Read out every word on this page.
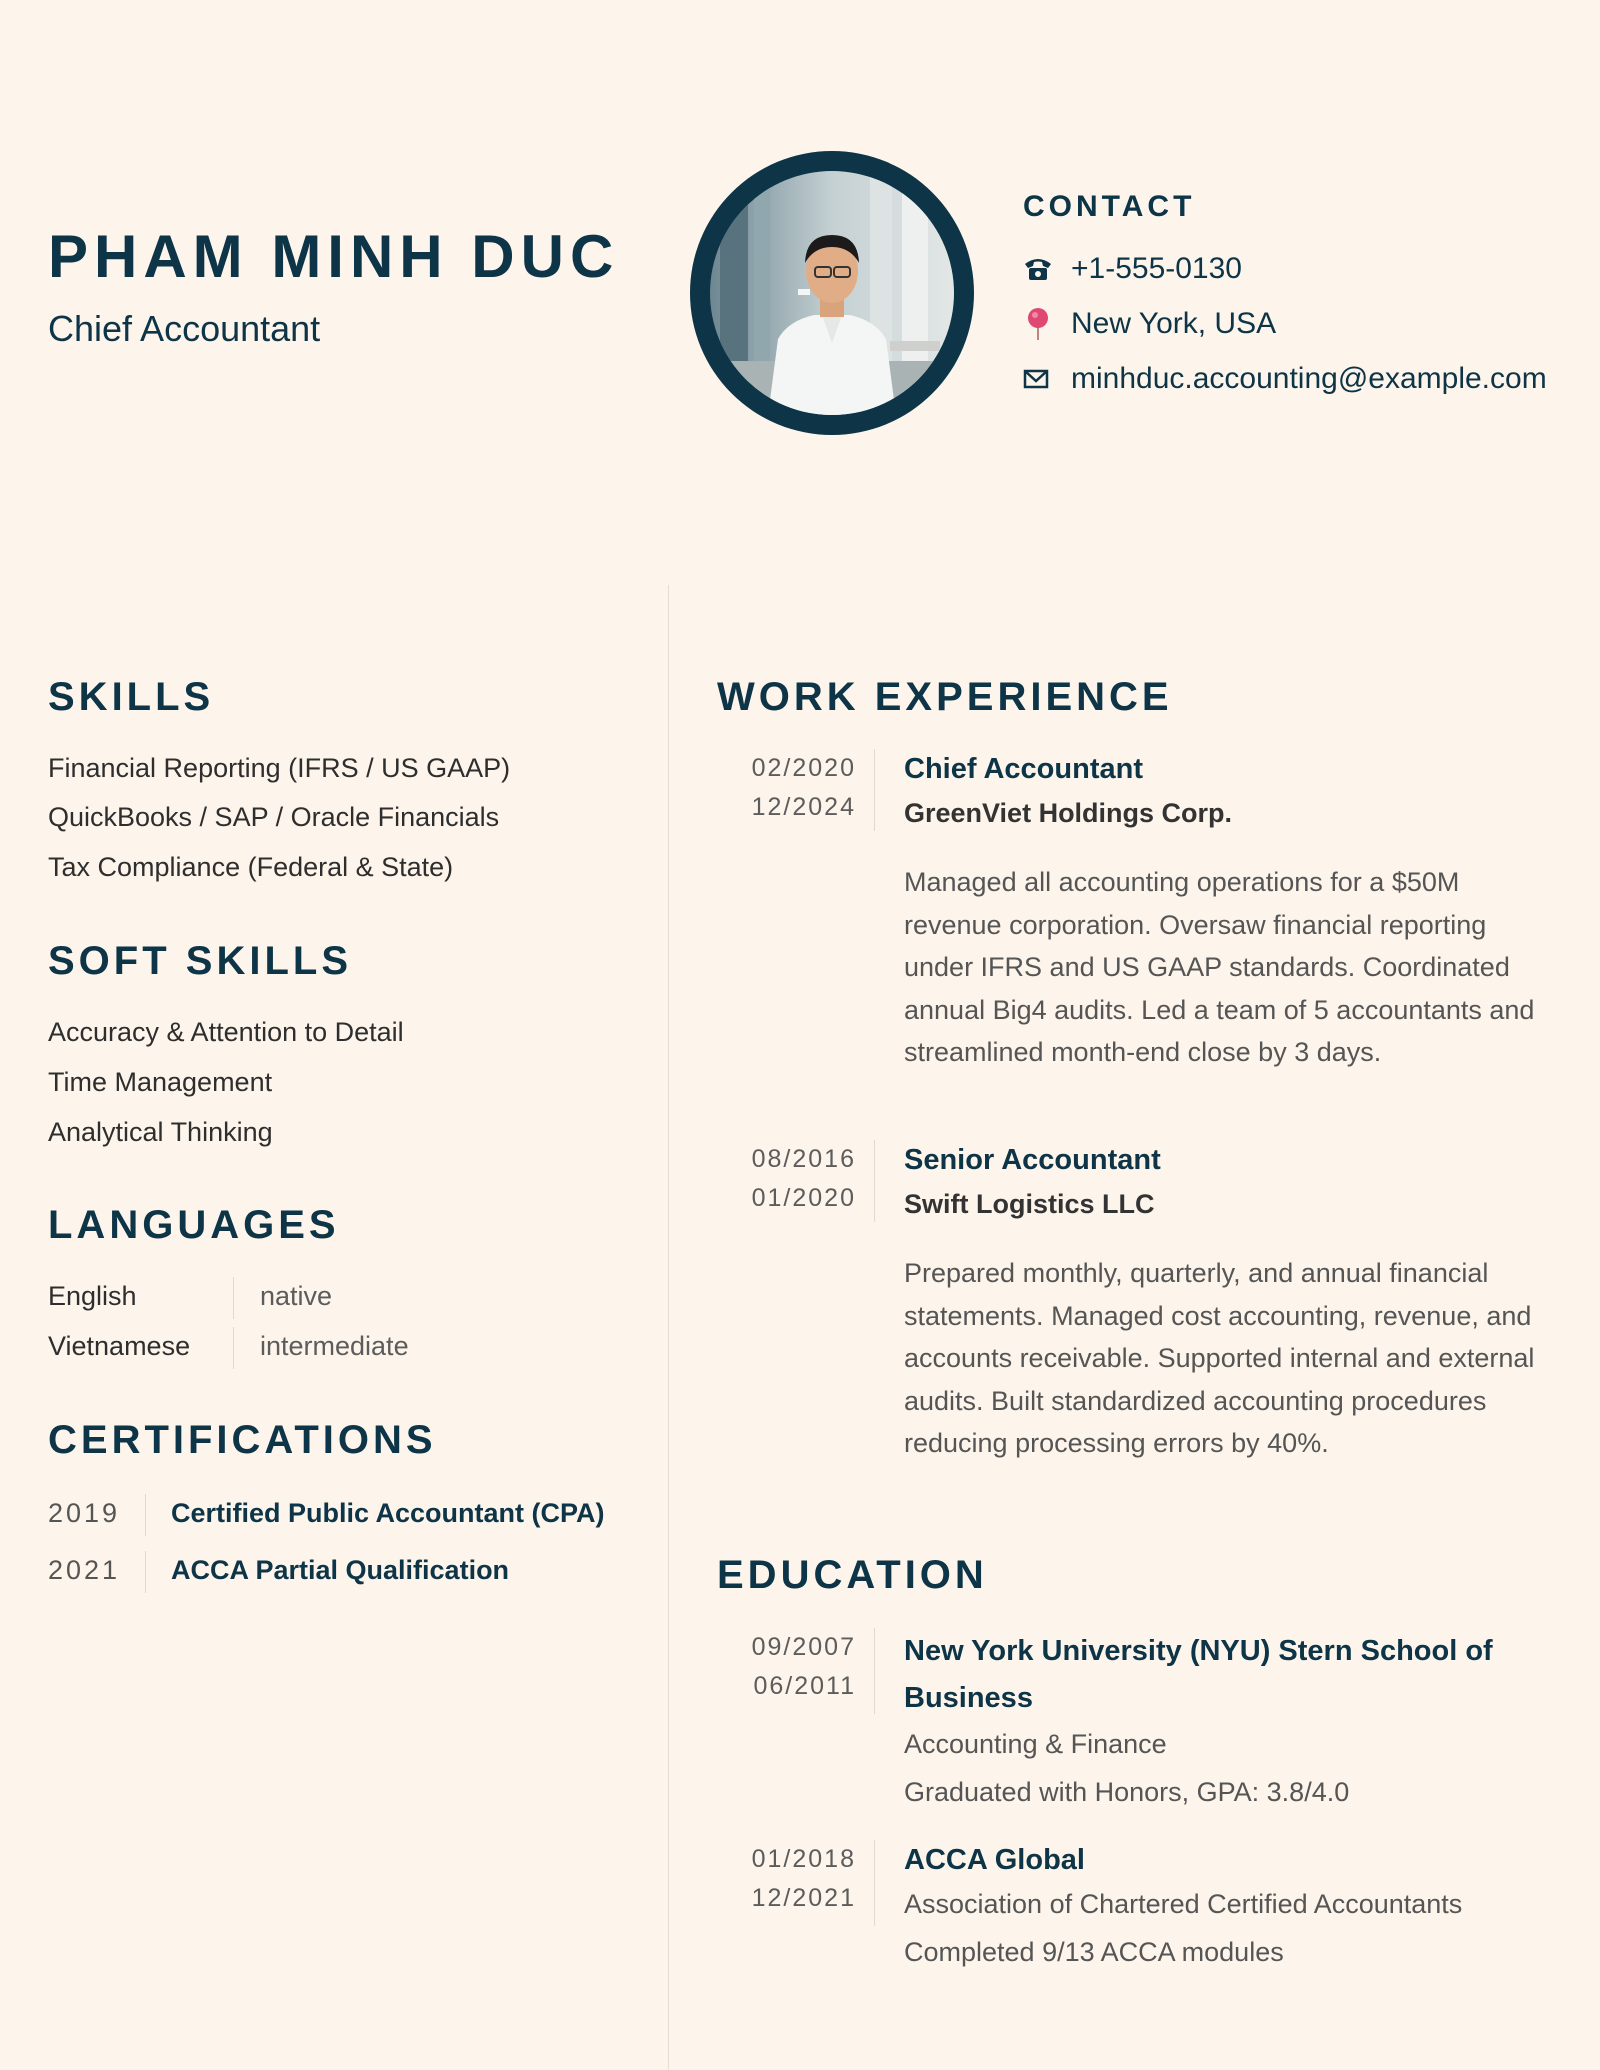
PHAM MINH DUC
Chief Accountant
CONTACT
+1-555-0130
New York, USA
minhduc.accounting@example.com
SKILLS
Financial Reporting (IFRS / US GAAP)
QuickBooks / SAP / Oracle Financials
Tax Compliance (Federal & State)
SOFT SKILLS
Accuracy & Attention to Detail
Time Management
Analytical Thinking
LANGUAGES
English	native
Vietnamese	intermediate
CERTIFICATIONS
2019 Certified Public Accountant (CPA)
2021 ACCA Partial Qualification
WORK EXPERIENCE
02/2020
12/2024
Chief Accountant
GreenViet Holdings Corp.
Managed all accounting operations for a $50M revenue corporation. Oversaw financial reporting under IFRS and US GAAP standards. Coordinated annual Big4 audits. Led a team of 5 accountants and streamlined month-end close by 3 days.
08/2016
01/2020
Senior Accountant
Swift Logistics LLC
Prepared monthly, quarterly, and annual financial statements. Managed cost accounting, revenue, and accounts receivable. Supported internal and external audits. Built standardized accounting procedures reducing processing errors by 40%.
EDUCATION
09/2007
06/2011
New York University (NYU) Stern School of Business
Accounting & Finance
Graduated with Honors, GPA: 3.8/4.0
01/2018
12/2021
ACCA Global
Association of Chartered Certified Accountants
Completed 9/13 ACCA modules
